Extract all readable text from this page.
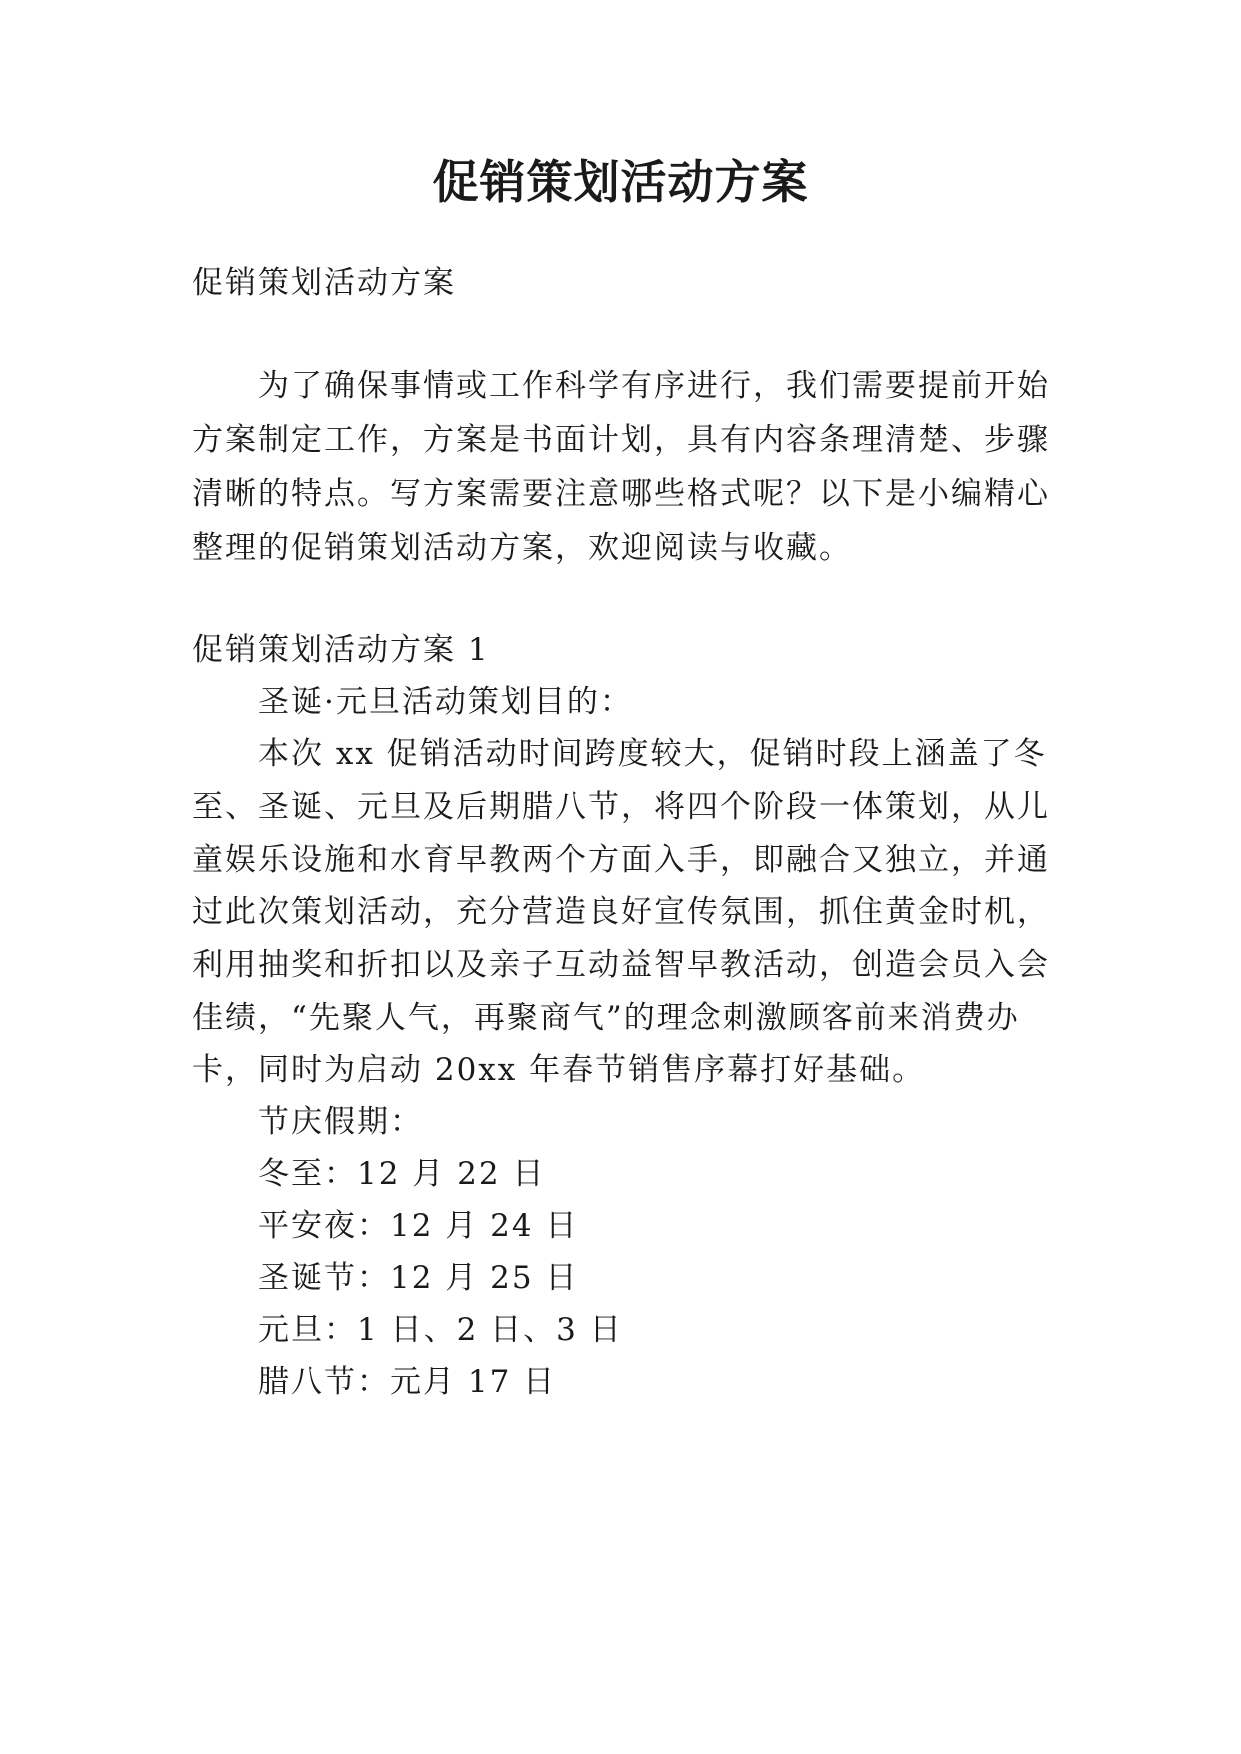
促销策划活动方案
促销策划活动方案
为了确保事情或工作科学有序进行，我们需要提前开始
方案制定工作，方案是书面计划，具有内容条理清楚、步骤
清晰的特点。写方案需要注意哪些格式呢？以下是小编精心
整理的促销策划活动方案，欢迎阅读与收藏。
促销策划活动方案 1
圣诞·元旦活动策划目的：
本次 xx 促销活动时间跨度较大，促销时段上涵盖了冬
至、圣诞、元旦及后期腊八节，将四个阶段一体策划，从儿
童娱乐设施和水育早教两个方面入手，即融合又独立，并通
过此次策划活动，充分营造良好宣传氛围，抓住黄金时机，
利用抽奖和折扣以及亲子互动益智早教活动，创造会员入会
佳绩，“先聚人气，再聚商气”的理念刺激顾客前来消费办
卡，同时为启动 20xx 年春节销售序幕打好基础。
节庆假期：
冬至：12 月 22 日
平安夜：12 月 24 日
圣诞节：12 月 25 日
元旦：1 日、2 日、3 日
腊八节：元月 17 日
